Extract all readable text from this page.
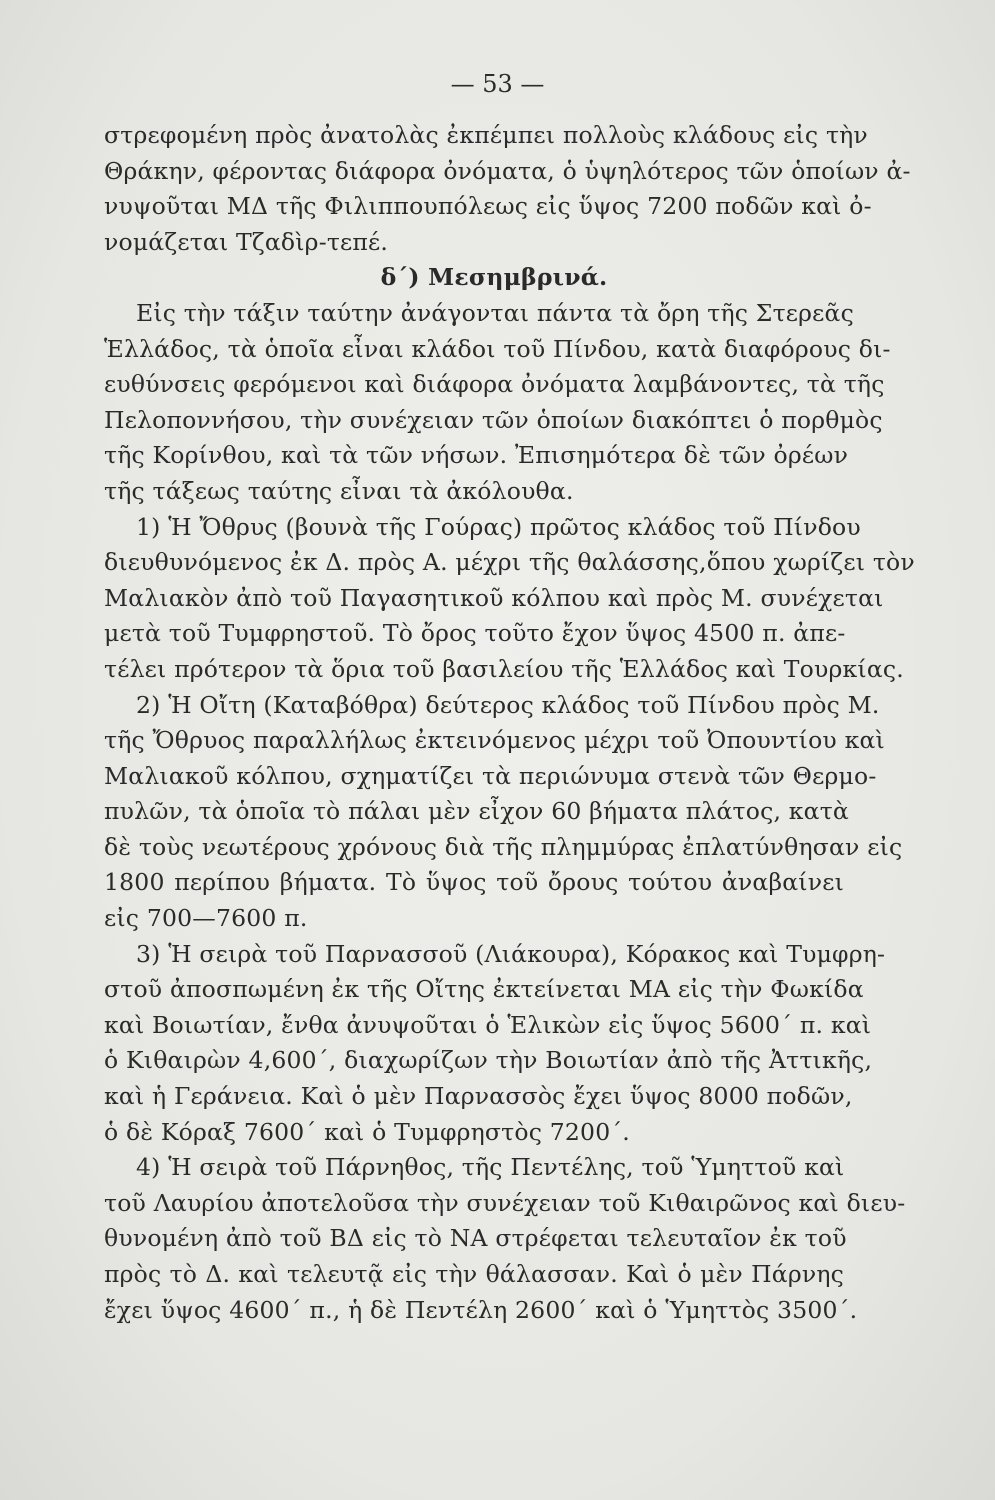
— 53 —
στρεφομένη πρὸς ἀνατολὰς ἐκπέμπει πολλοὺς κλάδους εἰς τὴν
Θράκην, φέροντας διάφορα ὀνόματα, ὁ ὑψηλότερος τῶν ὁποίων ἀ-
νυψοῦται ΜΔ τῆς Φιλιππουπόλεως εἰς ὕψος 7200 ποδῶν καὶ ὀ-
νομάζεται Τζαδὶρ-τεπέ.
δ΄) Μεσημβρινά.
Εἰς τὴν τάξιν ταύτην ἀνάγονται πάντα τὰ ὄρη τῆς Στερεᾶς
Ἑλλάδος, τὰ ὁποῖα εἶναι κλάδοι τοῦ Πίνδου, κατὰ διαφόρους δι-
ευθύνσεις φερόμενοι καὶ διάφορα ὀνόματα λαμβάνοντες, τὰ τῆς
Πελοποννήσου, τὴν συνέχειαν τῶν ὁποίων διακόπτει ὁ πορθμὸς
τῆς Κορίνθου, καὶ τὰ τῶν νήσων. Ἐπισημότερα δὲ τῶν ὀρέων
τῆς τάξεως ταύτης εἶναι τὰ ἀκόλουθα.
1) Ἡ Ὄθρυς (βουνὰ τῆς Γούρας) πρῶτος κλάδος τοῦ Πίνδου
διευθυνόμενος ἐκ Δ. πρὸς Α. μέχρι τῆς θαλάσσης,ὅπου χωρίζει τὸν
Μαλιακὸν ἀπὸ τοῦ Παγασητικοῦ κόλπου καὶ πρὸς Μ. συνέχεται
μετὰ τοῦ Τυμφρηστοῦ. Τὸ ὄρος τοῦτο ἔχον ὕψος 4500 π. ἀπε-
τέλει πρότερον τὰ ὅρια τοῦ βασιλείου τῆς Ἑλλάδος καὶ Τουρκίας.
2) Ἡ Οἴτη (Καταβόθρα) δεύτερος κλάδος τοῦ Πίνδου πρὸς Μ.
τῆς Ὄθρυος παραλλήλως ἐκτεινόμενος μέχρι τοῦ Ὀπουντίου καὶ
Μαλιακοῦ κόλπου, σχηματίζει τὰ περιώνυμα στενὰ τῶν Θερμο-
πυλῶν, τὰ ὁποῖα τὸ πάλαι μὲν εἶχον 60 βήματα πλάτος, κατὰ
δὲ τοὺς νεωτέρους χρόνους διὰ τῆς πλημμύρας ἐπλατύνθησαν εἰς
1800 περίπου βήματα. Τὸ ὕψος τοῦ ὄρους τούτου ἀναβαίνει
εἰς 700—7600 π.
3) Ἡ σειρὰ τοῦ Παρνασσοῦ (Λιάκουρα), Κόρακος καὶ Τυμφρη-
στοῦ ἀποσπωμένη ἐκ τῆς Οἴτης ἐκτείνεται ΜΑ εἰς τὴν Φωκίδα
καὶ Βοιωτίαν, ἔνθα ἀνυψοῦται ὁ Ἑλικὼν εἰς ὕψος 5600΄ π. καὶ
ὁ Κιθαιρὼν 4,600΄, διαχωρίζων τὴν Βοιωτίαν ἀπὸ τῆς Ἀττικῆς,
καὶ ἡ Γεράνεια. Καὶ ὁ μὲν Παρνασσὸς ἔχει ὕψος 8000 ποδῶν,
ὁ δὲ Κόραξ 7600΄ καὶ ὁ Τυμφρηστὸς 7200΄.
4) Ἡ σειρὰ τοῦ Πάρνηθος, τῆς Πεντέλης, τοῦ Ὑμηττοῦ καὶ
τοῦ Λαυρίου ἀποτελοῦσα τὴν συνέχειαν τοῦ Κιθαιρῶνος καὶ διευ-
θυνομένη ἀπὸ τοῦ ΒΔ εἰς τὸ ΝΑ στρέφεται τελευταῖον ἐκ τοῦ
πρὸς τὸ Δ. καὶ τελευτᾷ εἰς τὴν θάλασσαν. Καὶ ὁ μὲν Πάρνης
ἔχει ὕψος 4600΄ π., ἡ δὲ Πεντέλη 2600΄ καὶ ὁ Ὑμηττὸς 3500΄.
